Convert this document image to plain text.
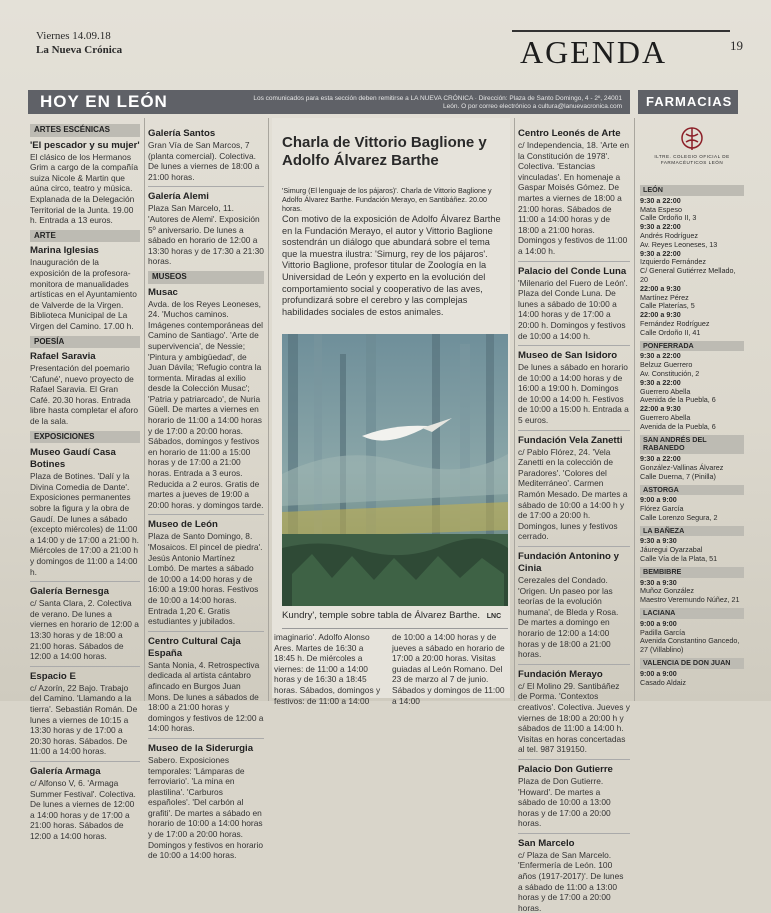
Viernes 14.09.18
La Nueva Crónica	AGENDA	19
HOY EN LEÓN	Los comunicados para esta sección deben remitirse a LA NUEVA CRÓNICA · Dirección: Plaza de Santo Domingo, 4 - 2º, 24001 León. O por correo electrónico a cultura@lanuevacronica.com FARMACIAS
ARTES ESCÉNICAS
'El pescador y su mujer'
El clásico de los Hermanos Grim a cargo de la compañía suiza Nicole & Martin que aúna circo, teatro y música. Explanada de la Delegación Territorial de la Junta. 19.00 h. Entrada a 13 euros.
ARTE
Marina Iglesias
Inauguración de la exposición de la profesora-monitora de manualidades artísticas en el Ayuntamiento de Valverde de la Virgen. Biblioteca Municipal de La Virgen del Camino. 17.00 h.
POESÍA
Rafael Saravia
Presentación del poemario 'Cafuné', nuevo proyecto de Rafael Saravia. El Gran Café. 20.30 horas. Entrada libre hasta completar el aforo de la sala.
EXPOSICIONES
Museo Gaudí Casa Botines
Plaza de Botines. 'Dalí y la Divina Comedia de Dante'. Exposiciones permanentes sobre la figura y la obra de Gaudí. De lunes a sábado (excepto miércoles) de 11:00 a 14:00 y de 17:00 a 21:00 h. Miércoles de 17:00 a 21:00 h y domingos de 11:00 a 14:00 h.
Galería Bernesga
c/ Santa Clara, 2. Colectiva de verano. De lunes a viernes en horario de 12:00 a 13:30 horas y de 18:00 a 21:00 horas. Sábados de 12:00 a 14:00 horas.
Espacio E
c/ Azorín, 22 Bajo. Trabajo del Camino. 'Llamando a la tierra'. Sebastián Román. De lunes a viernes de 10:15 a 13:30 horas y de 17:00 a 20:30 horas. Sábados. De 11:00 a 14:00 horas.
Galería Armaga
c/ Alfonso V, 6. 'Armaga Summer Festival'. Colectiva. De lunes a viernes de 12:00 a 14:00 horas y de 17:00 a 21:00 horas. Sábados de 12:00 a 14:00 horas.
Galería Santos
Gran Vía de San Marcos, 7 (planta comercial). Colectiva. De lunes a viernes de 18:00 a 21:00 horas.
Galería Alemi
Plaza San Marcelo, 11. 'Autores de Alemi'. Exposición 5º aniversario. De lunes a sábado en horario de 12:00 a 13:30 horas y de 17:30 a 21:30 horas.
MUSEOS
Musac
Avda. de los Reyes Leoneses, 24. 'Muchos caminos. Imágenes contemporáneas del Camino de Santiago'. 'Arte de supervivencia', de Nessie; 'Pintura y ambigüedad', de Juan Dávila; 'Refugio contra la tormenta. Miradas al exilio desde la Colección Musac'; 'Patria y patriarcado', de Nuria Güell. De martes a viernes en horario de 11:00 a 14:00 horas y de 17:00 a 20:00 horas. Sábados, domingos y festivos en horario de 11:00 a 15:00 horas y de 17:00 a 21:00 horas. Entrada a 3 euros. Reducida a 2 euros. Gratis de martes a jueves de 19:00 a 20:00 horas. y domingos tarde.
Museo de León
Plaza de Santo Domingo, 8. 'Mosaicos. El pincel de piedra'. Jesús Antonio Martínez Lombó. De martes a sábado de 10:00 a 14:00 horas y de 16:00 a 19:00 horas. Festivos de 10:00 a 14:00 horas. Entrada 1,20 €. Gratis estudiantes y jubilados.
Centro Cultural Caja España
Santa Nonia, 4. Retrospectiva dedicada al artista cántabro afincado en Burgos Juan Mons. De lunes a sábados de 18:00 a 21:00 horas y domingos y festivos de 12:00 a 14:00 horas.
Museo de la Siderurgia
Sabero. Exposiciones temporales: 'Lámparas de ferroviario'. 'La mina en plastilina'. 'Carburos españoles'. 'Del carbón al grafiti'. De martes a sábado en horario de 10:00 a 14:00 horas y de 17:00 a 20:00 horas. Domingos y festivos en horario de 10:00 a 14:00 horas.
Charla de Vittorio Baglione y Adolfo Álvarez Barthe
'Simurg (El lenguaje de los pájaros)'. Charla de Vittorio Baglione y Adolfo Álvarez Barthe. Fundación Merayo, en Santibáñez. 20.00 horas.
Con motivo de la exposición de Adolfo Álvarez Barthe en la Fundación Merayo, el autor y Vittorio Baglione sostendrán un diálogo que abundará sobre el tema que la muestra ilustra: 'Simurg, rey de los pájaros'. Vittorio Baglione, profesor titular de Zoología en la Universidad de León y experto en la evolución del comportamiento social y cooperativo de las aves, profundizará sobre el cerebro y las complejas habilidades sociales de estos animales.
Kundry', temple sobre tabla de Álvarez Barthe. LNC
imaginario'. Adolfo Alonso Ares. Martes de 16:30 a 18:45 h. De miércoles a viernes: de 11:00 a 14:00 horas y de 16:30 a 18:45 horas. Sábados, domingos y festivos: de 11:00 a 14:00
de 10:00 a 14:00 horas y de jueves a sábado en horario de 17:00 a 20:00 horas. Visitas guiadas al León Romano. Del 23 de marzo al 7 de junio. Sábados y domingos de 11:00 a 14:00
Centro Leonés de Arte
c/ Independencia, 18. 'Arte en la Constitución de 1978'. Colectiva. 'Estancias vinculadas'. En homenaje a Gaspar Moisés Gómez. De martes a viernes de 18:00 a 21:00 horas. Sábados de 11:00 a 14:00 horas y de 18:00 a 21:00 horas. Domingos y festivos de 11:00 a 14:00 h.
Palacio del Conde Luna
'Milenario del Fuero de León'. Plaza del Conde Luna. De lunes a sábado de 10:00 a 14:00 horas y de 17:00 a 20:00 h. Domingos y festivos de 10:00 a 14:00 h.
Museo de San Isidoro
De lunes a sábado en horario de 10:00 a 14:00 horas y de 16:00 a 19:00 h. Domingos de 10:00 a 14:00 h. Festivos de 10:00 a 15:00 h. Entrada a 5 euros.
Fundación Vela Zanetti
c/ Pablo Flórez, 24. 'Vela Zanetti en la colección de Paradores'. 'Colores del Mediterráneo'. Carmen Ramón Mesado. De martes a sábado de 10:00 a 14:00 h y de 17:00 a 20:00 h. Domingos, lunes y festivos cerrado.
Fundación Antonino y Cinia
Cerezales del Condado. 'Origen. Un paseo por las teorías de la evolución humana', de Bleda y Rosa. De martes a domingo en horario de 12:00 a 14:00 horas y de 18:00 a 21:00 horas.
Fundación Merayo
c/ El Molino 29. Santibáñez de Porma. 'Contextos creativos'. Colectiva. Jueves y viernes de 18:00 a 20:00 h y sábados de 11:00 a 14:00 h. Visitas en horas concertadas al tel. 987 319150.
Palacio Don Gutierre
Plaza de Don Gutierre. 'Howard'. De martes a sábado de 10:00 a 13:00 horas y de 17:00 a 20:00 horas.
San Marcelo
c/ Plaza de San Marcelo. 'Enfermería de León. 100 años (1917-2017)'. De lunes a sábado de 11:00 a 13:00 horas y de 17:00 a 20:00 horas.
ILTRE. COLEGIO OFICIAL DE FARMACÉUTICOS LEÓN
LEÓN
9:30 a 22:00
Mata Espeso
Calle Ordoño II, 3
9:30 a 22:00
Andrés Rodríguez
Av. Reyes Leoneses, 13
9:30 a 22:00
Izquierdo Fernández
C/ General Gutiérrez Mellado, 20
22:00 a 9:30
Martínez Pérez
Calle Platerías, 5
22:00 a 9:30
Fernández Rodríguez
Calle Ordoño II, 41
PONFERRADA
9:30 a 22:00
Belzuz Guerrero
Av. Constitución, 2
9:30 a 22:00
Guerrero Abella
Avenida de la Puebla, 6
22:00 a 9:30
Guerrero Abella
Avenida de la Puebla, 6
SAN ANDRÉS DEL RABANEDO
9:30 a 22:00
González-Vallinas Álvarez
Calle Duerna, 7 (Pinilla)
ASTORGA
9:00 a 9:00
Flórez García
Calle Lorenzo Segura, 2
LA BAÑEZA
9:30 a 9:30
Jáuregui Oyarzabal
Calle Vía de la Plata, 51
BEMBIBRE
9:30 a 9:30
Muñoz González
Maestro Veremundo Núñez, 21
LACIANA
9:00 a 9:00
Padilla García
Avenida Constantino Gancedo, 27 (Villablino)
VALENCIA DE DON JUAN
9:00 a 9:00
Casado Aldaiz
